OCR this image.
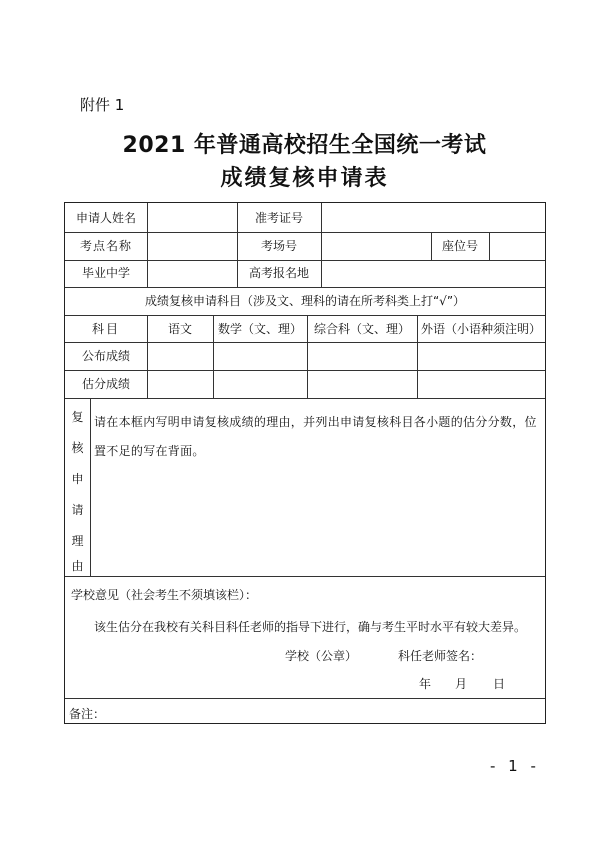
附件 1
2021 年普通高校招生全国统一考试
成绩复核申请表
申请人姓名	准考证号
考点名称	考场号	座位号
毕业中学	高考报名地
成绩复核申请科目（涉及文、理科的请在所考科类上打“√”）
科目	语文 数学（文、理） 综合科（文、理） 外语（小语种须注明）
公布成绩
估分成绩
复
核
申
请
理
由
请在本框内写明申请复核成绩的理由，并列出申请复核科目各小题的估分分数，位置不足的写在背面。
学校意见（社会考生不须填该栏）：
该生估分在我校有关科目科任老师的指导下进行，确与考生平时水平有较大差异。
学校（公章）	科任老师签名：
年 月 日
备注：
- 1 -
